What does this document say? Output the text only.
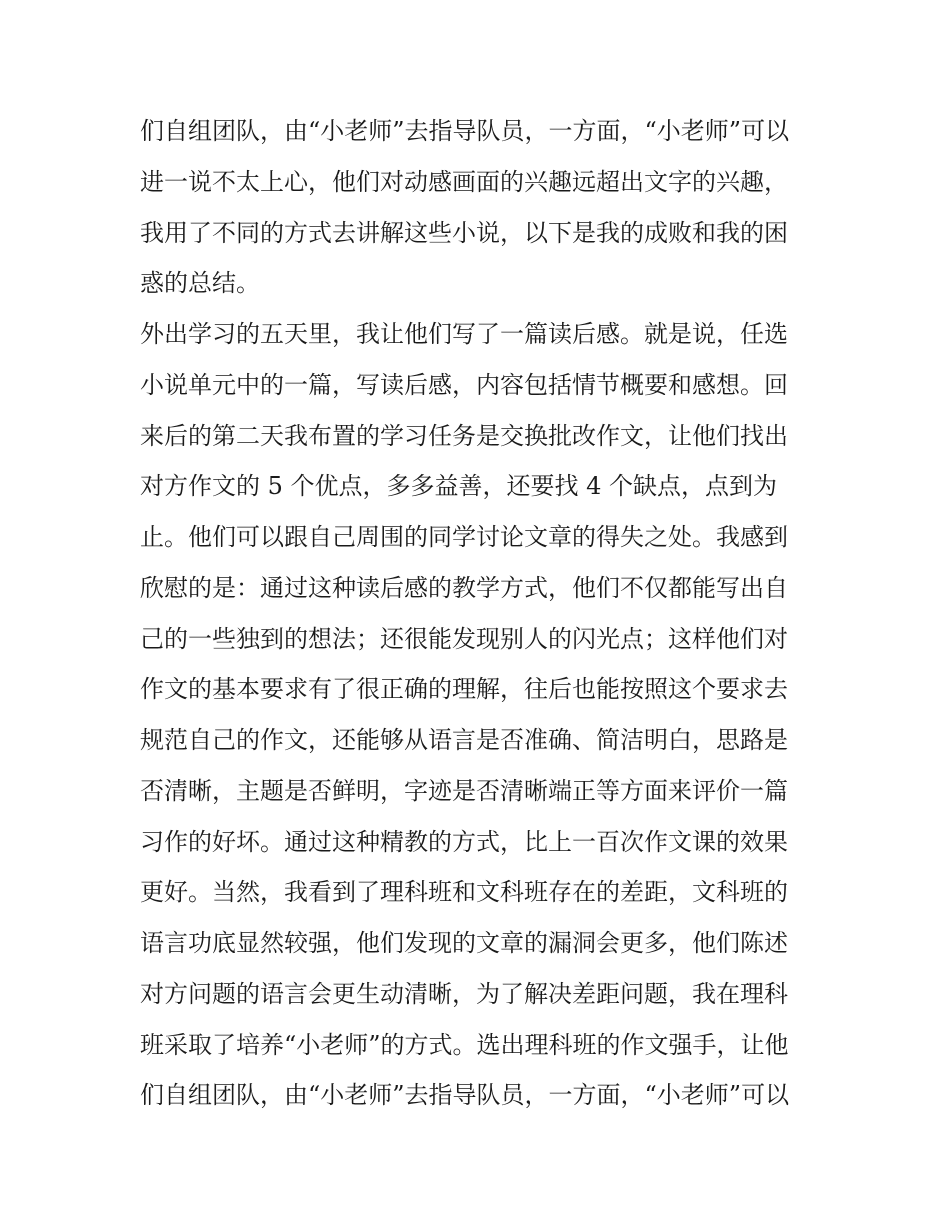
们自组团队，由“小老师”去指导队员，一方面，“小老师”可以
进一说不太上心，他们对动感画面的兴趣远超出文字的兴趣，
我用了不同的方式去讲解这些小说，以下是我的成败和我的困
惑的总结。
外出学习的五天里，我让他们写了一篇读后感。就是说，任选
小说单元中的一篇，写读后感，内容包括情节概要和感想。回
来后的第二天我布置的学习任务是交换批改作文，让他们找出
对方作文的 5 个优点，多多益善，还要找 4 个缺点，点到为
止。他们可以跟自己周围的同学讨论文章的得失之处。我感到
欣慰的是：通过这种读后感的教学方式，他们不仅都能写出自
己的一些独到的想法；还很能发现别人的闪光点；这样他们对
作文的基本要求有了很正确的理解，往后也能按照这个要求去
规范自己的作文，还能够从语言是否准确、简洁明白，思路是
否清晰，主题是否鲜明，字迹是否清晰端正等方面来评价一篇
习作的好坏。通过这种精教的方式，比上一百次作文课的效果
更好。当然，我看到了理科班和文科班存在的差距，文科班的
语言功底显然较强，他们发现的文章的漏洞会更多，他们陈述
对方问题的语言会更生动清晰，为了解决差距问题，我在理科
班采取了培养“小老师”的方式。选出理科班的作文强手，让他
们自组团队，由“小老师”去指导队员，一方面，“小老师”可以
